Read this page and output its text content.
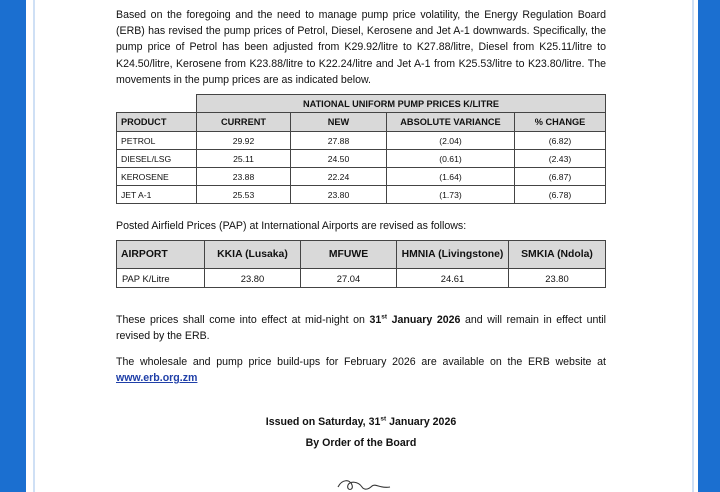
Based on the foregoing and the need to manage pump price volatility, the Energy Regulation Board (ERB) has revised the pump prices of Petrol, Diesel, Kerosene and Jet A-1 downwards. Specifically, the pump price of Petrol has been adjusted from K29.92/litre to K27.88/litre, Diesel from K25.11/litre to K24.50/litre, Kerosene from K23.88/litre to K22.24/litre and Jet A-1 from K25.53/litre to K23.80/litre. The movements in the pump prices are as indicated below.

	NATIONAL UNIFORM PUMP PRICES K/LITRE			
PRODUCT	CURRENT	NEW	ABSOLUTE VARIANCE	% CHANGE
PETROL	29.92	27.88	(2.04)	(6.82)
DIESEL/LSG	25.11	24.50	(0.61)	(2.43)
KEROSENE	23.88	22.24	(1.64)	(6.87)
JET A-1	25.53	23.80	(1.73)	(6.78)

Posted Airfield Prices (PAP) at International Airports are revised as follows:

AIRPORT	KKIA (Lusaka)	MFUWE	HMNIA (Livingstone)	SMKIA (Ndola)
PAP K/Litre	23.80	27.04	24.61	23.80

These prices shall come into effect at mid-night on 31st January 2026 and will remain in effect until revised by the ERB.

The wholesale and pump price build-ups for February 2026 are available on the ERB website at www.erb.org.zm

Issued on Saturday, 31st January 2026

By Order of the Board
